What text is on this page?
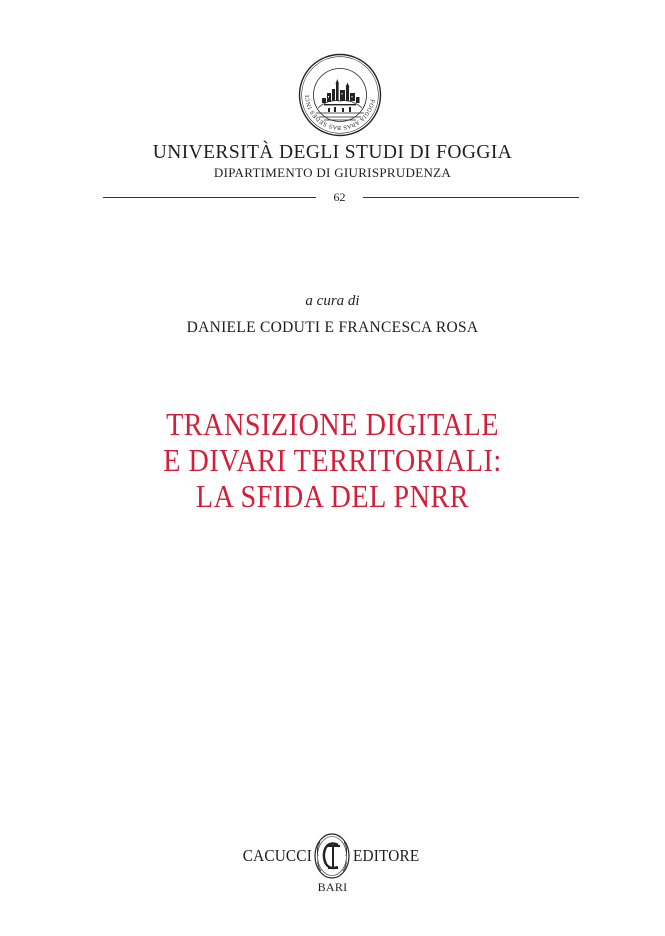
FOGGIA ARAS BAS SEDES INCI
UNIVERSITÀ DEGLI STUDI DI FOGGIA
DIPARTIMENTO DI GIURISPRUDENZA
62
a cura di
DANIELE CODUTI E FRANCESCA ROSA
TRANSIZIONE DIGITALE
E DIVARI TERRITORIALI:
LA SFIDA DEL PNRR
CACUCCI EDITORE
BARI
